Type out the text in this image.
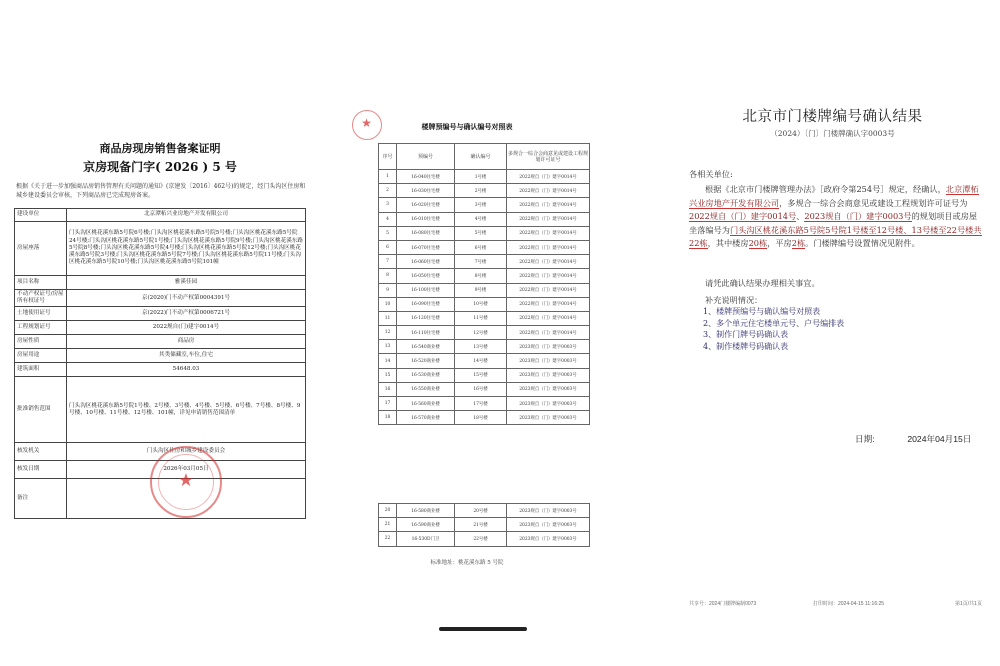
商品房现房销售备案证明
京房现备门字( 2026 ) 5 号
根据《关于进一步加强商品房销售管理有关问题的通知》(京建发〔2016〕462号)的规定，经门头沟区住房和城乡建设委员会审核，下列商品房已完成现房备案。
建设单位	北京潭柘兴业房地产开发有限公司
房屋座落	门头沟区桃花溪东路5号院6号楼;门头沟区桃花溪东路5号院5号楼;门头沟区桃花溪东路5号院24号楼;门头沟区桃花溪东路5号院1号楼;门头沟区桃花溪东路5号院9号楼;门头沟区桃花溪东路5号院8号楼;门头沟区桃花溪东路5号院4号楼;门头沟区桃花溪东路5号院12号楼;门头沟区桃花溪东路5号院3号楼;门头沟区桃花溪东路5号院7号楼;门头沟区桃花溪东路5号院11号楼;门头沟区桃花溪东路5号院10号楼;门头沟区桃花溪东路5号院101幢
项目名称	雅溪佳园
不动产权证号/房屋所有权证号	京(2020)门不动产权第0004391号
土地使用证号	京(2022)门不动产权第0006721号
工程规划证号	2022规自(门)建字0014号
房屋性质	商品房
房屋用途	其类储藏室,车位,住宅
建筑面积	54648.03
批准销售范围	门头沟区桃花溪东路5号院1号楼、2号楼、3号楼、4号楼、5号楼、6号楼、7号楼、8号楼、9号楼、10号楼、11号楼、12号楼、101幢，详见申请销售范围清单
核发机关	门头沟区住房和城乡建设委员会
核发日期	2026年03月05日
备注	
★
楼牌预编号与确认编号对照表
序号	预编号	确认编号	多规合一综合会商意见或建设工程规划许可证号
1	16-040住宅楼	1号楼	2022规自（门）建字0014号
2	16-030住宅楼	2号楼	2022规自（门）建字0014号
3	16-020住宅楼	3号楼	2022规自（门）建字0014号
4	16-010住宅楼	4号楼	2022规自（门）建字0014号
5	16-080住宅楼	5号楼	2022规自（门）建字0014号
6	16-070住宅楼	6号楼	2022规自（门）建字0014号
7	16-060住宅楼	7号楼	2022规自（门）建字0014号
8	16-050住宅楼	8号楼	2022规自（门）建字0014号
9	16-100住宅楼	9号楼	2022规自（门）建字0014号
10	16-090住宅楼	10号楼	2022规自（门）建字0014号
11	16-120住宅楼	11号楼	2022规自（门）建字0014号
12	16-110住宅楼	12号楼	2022规自（门）建字0014号
13	16-540商业楼	13号楼	2023规自（门）建字0003号
14	16-520商业楼	14号楼	2023规自（门）建字0003号
15	16-530商业楼	15号楼	2023规自（门）建字0003号
16	16-550商业楼	16号楼	2023规自（门）建字0003号
17	16-560商业楼	17号楼	2023规自（门）建字0003号
18	16-570商业楼	18号楼	2023规自（门）建字0003号
★
20	16-580商业楼	20号楼	2023规自（门）建字0003号
21	16-590商业楼	21号楼	2023规自（门）建字0003号
22	16-530D门卫	22号楼	2023规自（门）建字0003号
标准地址：桃花溪东路 5 号院
北京市门楼牌编号确认结果
（2024）〔门〕门楼牌确认字0003号
各相关单位:
根据《北京市门楼牌管理办法》［政府令第254号］规定，经确认，北京潭柘兴业房地产开发有限公司，多规合一综合会商意见或建设工程规划许可证号为2022规自（门）建字0014号、2023规自（门）建字0003号的规划项目或房屋坐落编号为门头沟区桃花溪东路5号院5号院1号楼至12号楼、13号楼至22号楼共22栋，其中楼房20栋，平房2栋。门楼牌编号设置情况见附件。
请凭此确认结果办理相关事宜。
补充说明情况：
1、楼牌预编号与确认编号对照表
2、多个单元住宅楼单元号、户号编排表
3、制作门牌号码确认表
4、制作楼牌号码确认表
日期:	2024年04月15日
共享号：2024门楼牌编制0073	打印时间：2024-04-15 11:16:25	第1页/共1页
